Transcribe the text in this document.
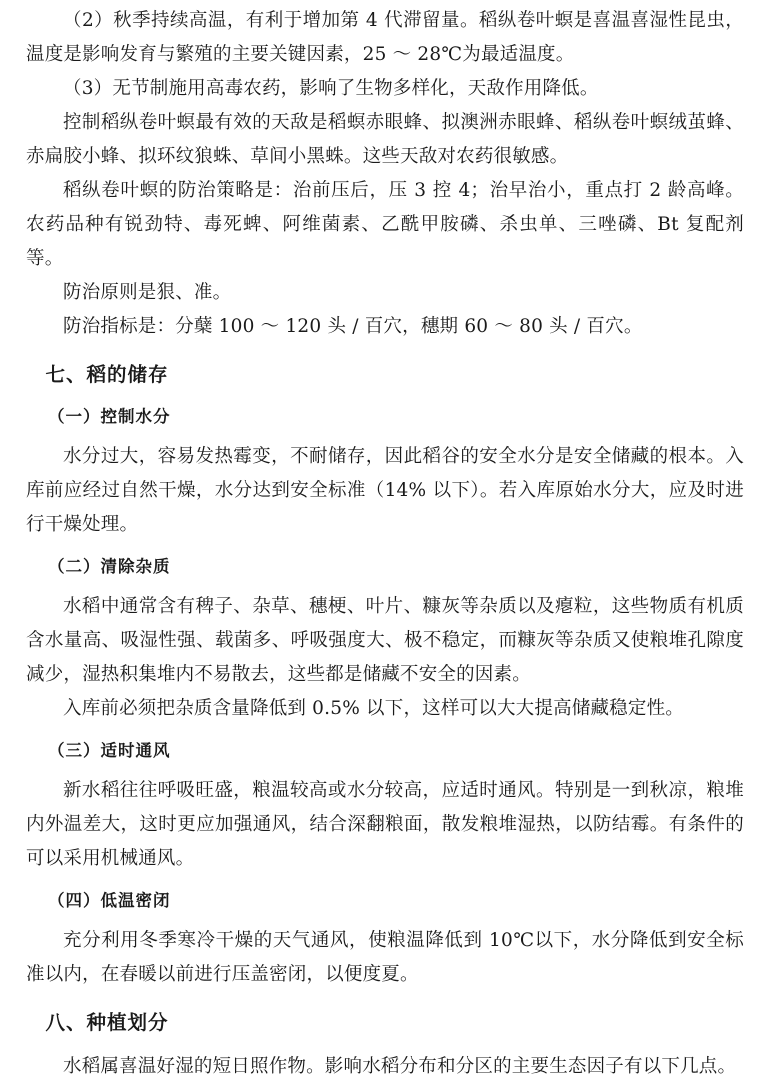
（2）秋季持续高温，有利于增加第 4 代滞留量。稻纵卷叶螟是喜温喜湿性昆虫，温度是影响发育与繁殖的主要关键因素，25 ～ 28℃为最适温度。

（3）无节制施用高毒农药，影响了生物多样化，天敌作用降低。

控制稻纵卷叶螟最有效的天敌是稻螟赤眼蜂、拟澳洲赤眼蜂、稻纵卷叶螟绒茧蜂、赤扁胶小蜂、拟环纹狼蛛、草间小黑蛛。这些天敌对农药很敏感。

稻纵卷叶螟的防治策略是：治前压后，压 3 控 4；治早治小，重点打 2 龄高峰。农药品种有锐劲特、毒死蜱、阿维菌素、乙酰甲胺磷、杀虫单、三唑磷、Bt 复配剂等。

防治原则是狠、准。

防治指标是：分蘖 100 ～ 120 头 / 百穴，穗期 60 ～ 80 头 / 百穴。

七、稻的储存
（一）控制水分

水分过大，容易发热霉变，不耐储存，因此稻谷的安全水分是安全储藏的根本。入库前应经过自然干燥，水分达到安全标准（14% 以下）。若入库原始水分大，应及时进行干燥处理。

（二）清除杂质

水稻中通常含有稗子、杂草、穗梗、叶片、糠灰等杂质以及瘪粒，这些物质有机质含水量高、吸湿性强、载菌多、呼吸强度大、极不稳定，而糠灰等杂质又使粮堆孔隙度减少，湿热积集堆内不易散去，这些都是储藏不安全的因素。

入库前必须把杂质含量降低到 0.5% 以下，这样可以大大提高储藏稳定性。

（三）适时通风

新水稻往往呼吸旺盛，粮温较高或水分较高，应适时通风。特别是一到秋凉，粮堆内外温差大，这时更应加强通风，结合深翻粮面，散发粮堆湿热，以防结霉。有条件的可以采用机械通风。

（四）低温密闭

充分利用冬季寒冷干燥的天气通风，使粮温降低到 10℃以下，水分降低到安全标准以内，在春暖以前进行压盖密闭，以便度夏。

八、种植划分

水稻属喜温好湿的短日照作物。影响水稻分布和分区的主要生态因子有以下几点。
